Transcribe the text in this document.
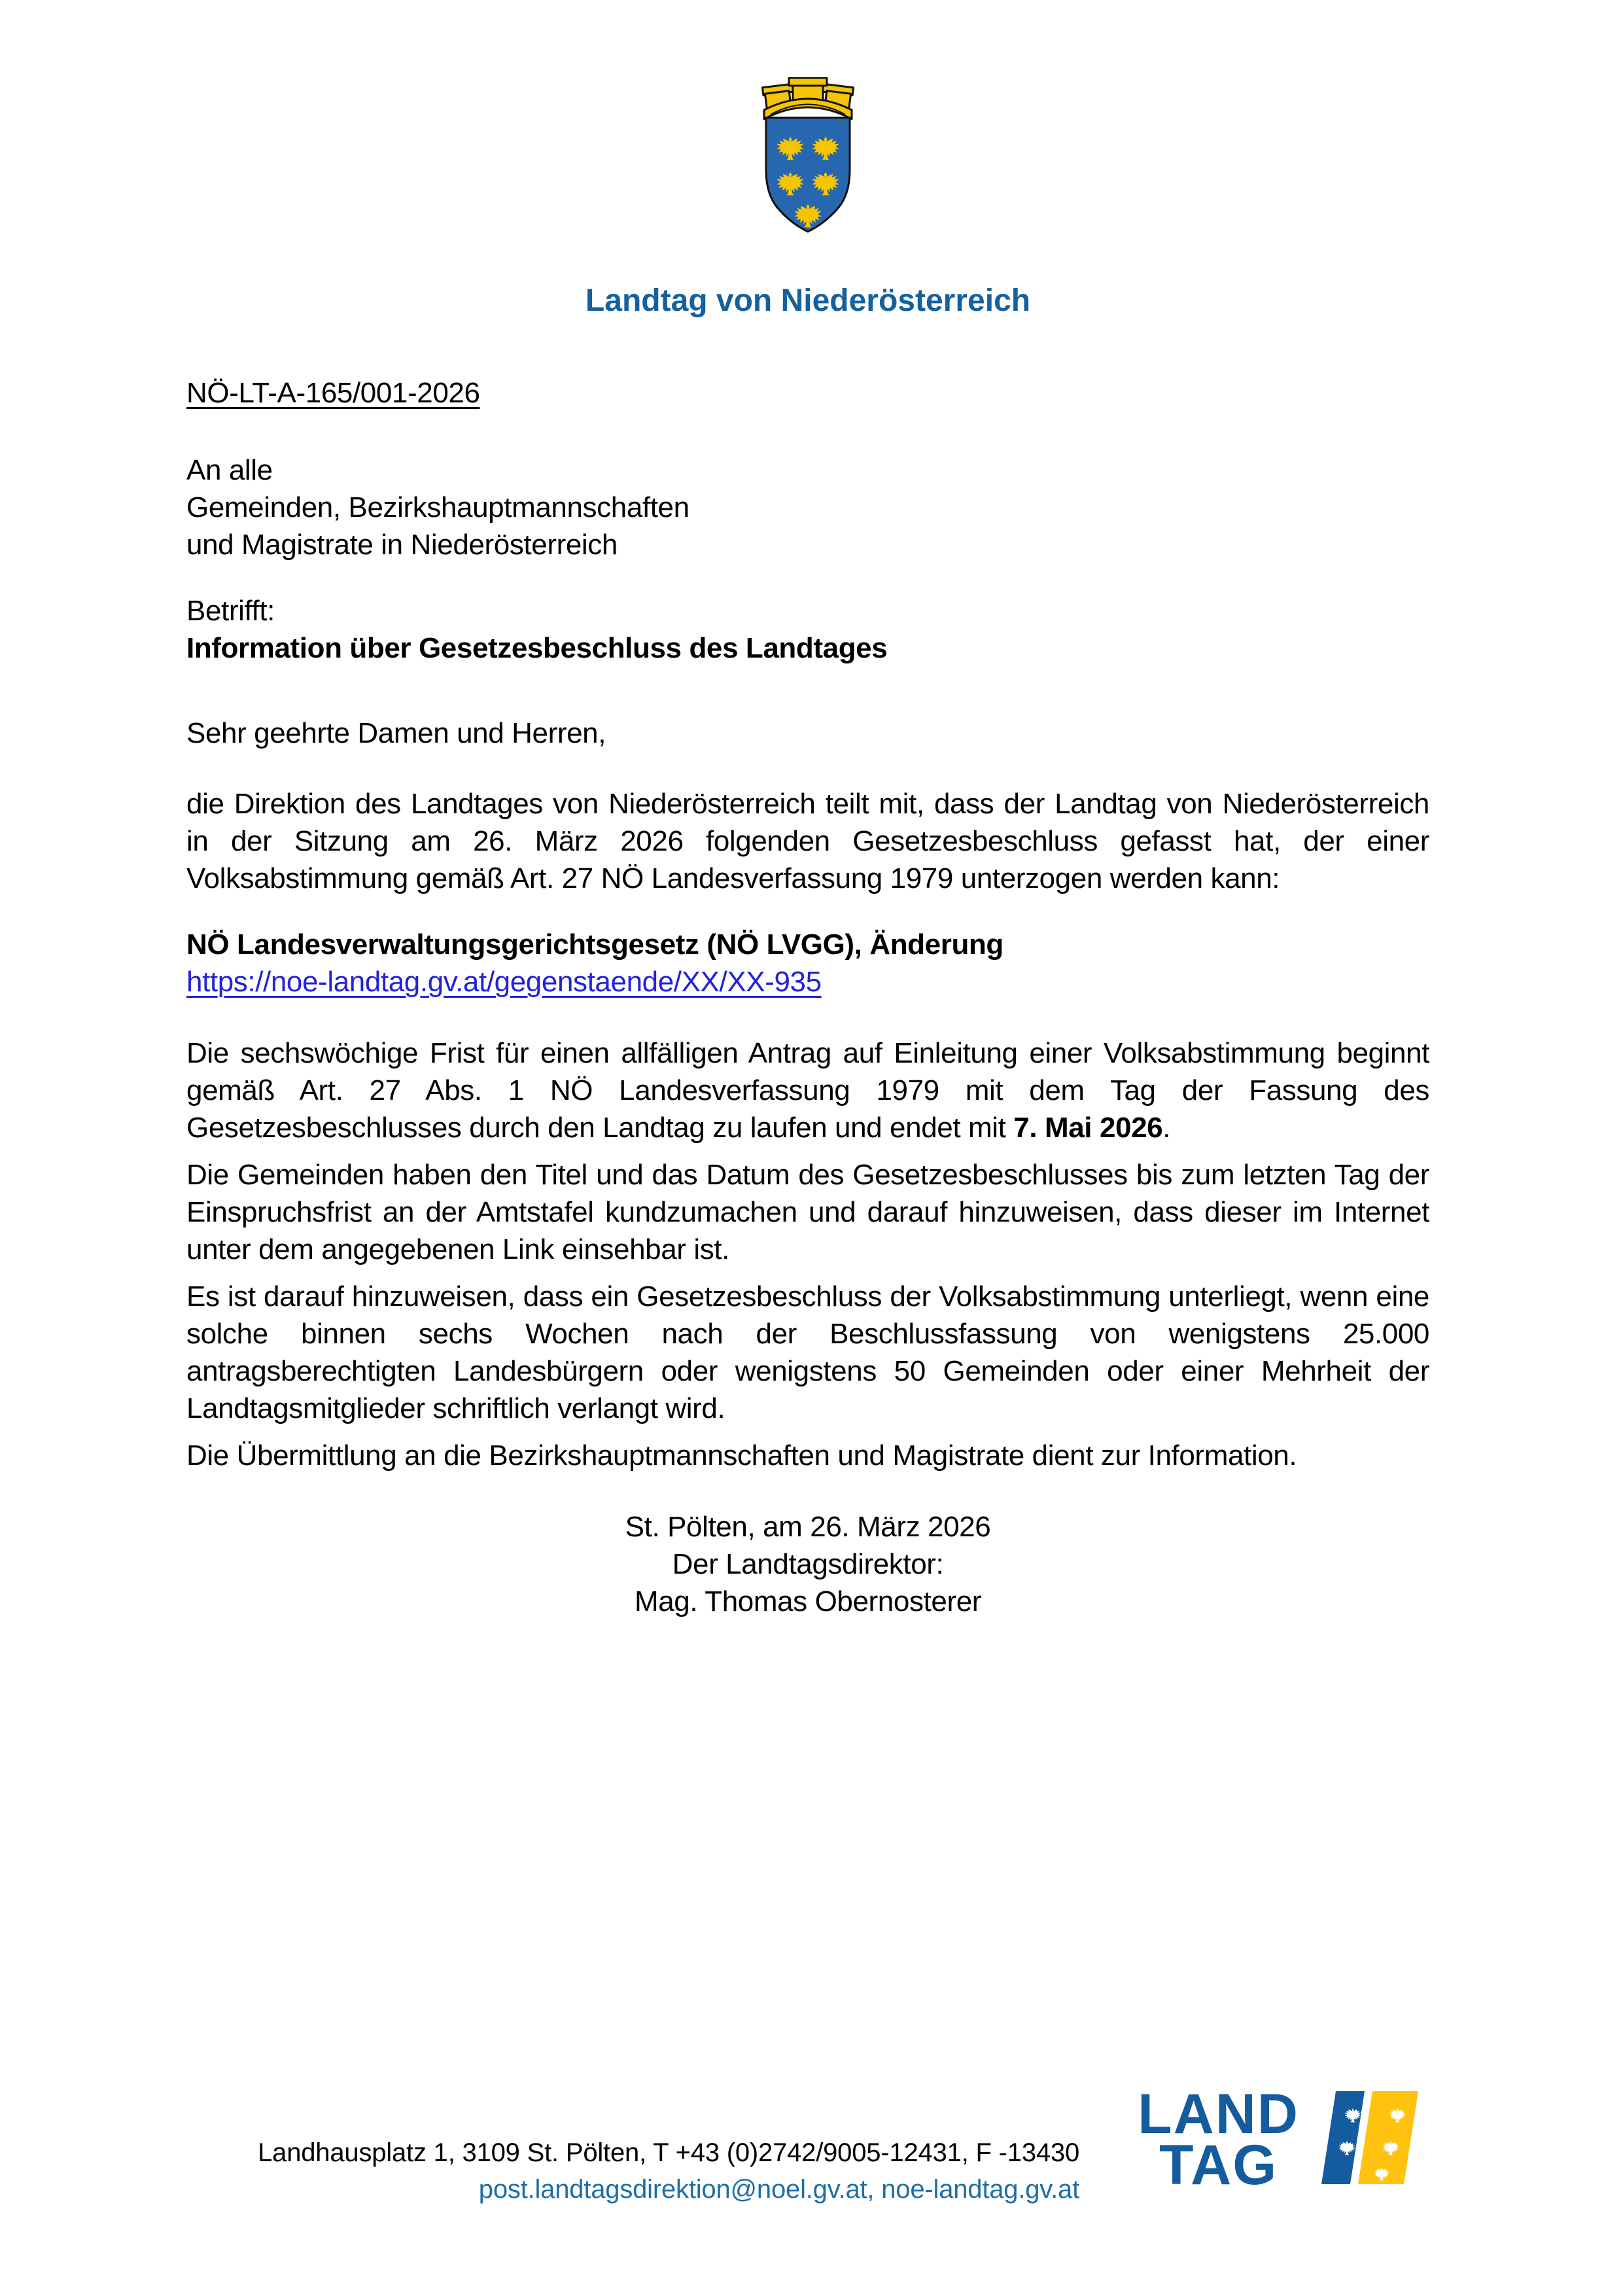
Landtag von Niederösterreich
NÖ-LT-A-165/001-2026
An alle
Gemeinden, Bezirkshauptmannschaften
und Magistrate in Niederösterreich
Betrifft:
Information über Gesetzesbeschluss des Landtages
Sehr geehrte Damen und Herren,
die Direktion des Landtages von Niederösterreich teilt mit, dass der Landtag von Niederösterreich in der Sitzung am 26. März 2026 folgenden Gesetzesbeschluss gefasst hat, der einer Volksabstimmung gemäß Art. 27 NÖ Landesverfassung 1979 unterzogen werden kann:
NÖ Landesverwaltungsgerichtsgesetz (NÖ LVGG), Änderung
https://noe-landtag.gv.at/gegenstaende/XX/XX-935
Die sechswöchige Frist für einen allfälligen Antrag auf Einleitung einer Volksabstimmung beginnt gemäß Art. 27 Abs. 1 NÖ Landesverfassung 1979 mit dem Tag der Fassung des Gesetzesbeschlusses durch den Landtag zu laufen und endet mit 7. Mai 2026.
Die Gemeinden haben den Titel und das Datum des Gesetzesbeschlusses bis zum letzten Tag der Einspruchsfrist an der Amtstafel kundzumachen und darauf hinzuweisen, dass dieser im Internet unter dem angegebenen Link einsehbar ist.
Es ist darauf hinzuweisen, dass ein Gesetzesbeschluss der Volksabstimmung unterliegt, wenn eine solche binnen sechs Wochen nach der Beschlussfassung von wenigstens 25.000 antragsberechtigten Landesbürgern oder wenigstens 50 Gemeinden oder einer Mehrheit der Landtagsmitglieder schriftlich verlangt wird.
Die Übermittlung an die Bezirkshauptmannschaften und Magistrate dient zur Information.
St. Pölten, am 26. März 2026
Der Landtagsdirektor:
Mag. Thomas Obernosterer
Landhausplatz 1, 3109 St. Pölten, T +43 (0)2742/9005-12431, F -13430
post.landtagsdirektion@noel.gv.at, noe-landtag.gv.at
LAND
TAG
